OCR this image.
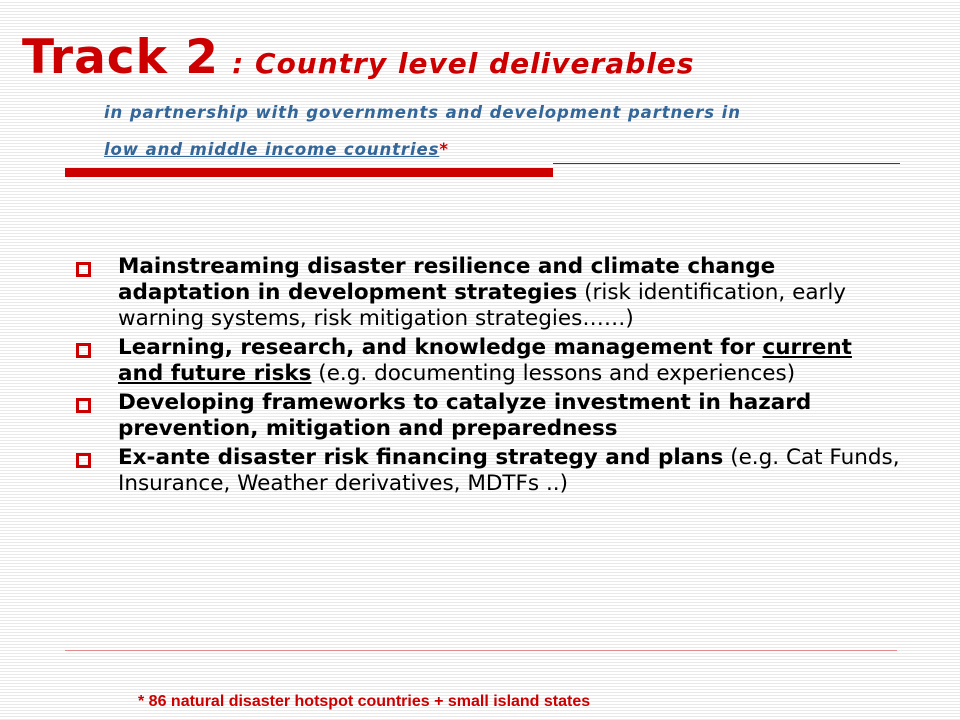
Track 2 : Country level deliverables
in partnership with governments and development partners in
low and middle income countries*
Mainstreaming disaster resilience and climate change adaptation in development strategies (risk identification, early warning systems, risk mitigation strategies……)
Learning, research, and knowledge management for current and future risks (e.g. documenting lessons and experiences)
Developing frameworks to catalyze investment in hazard prevention, mitigation and preparedness
Ex-ante disaster risk financing strategy and plans (e.g. Cat Funds, Insurance, Weather derivatives, MDTFs ..)
* 86 natural disaster hotspot countries + small island states
